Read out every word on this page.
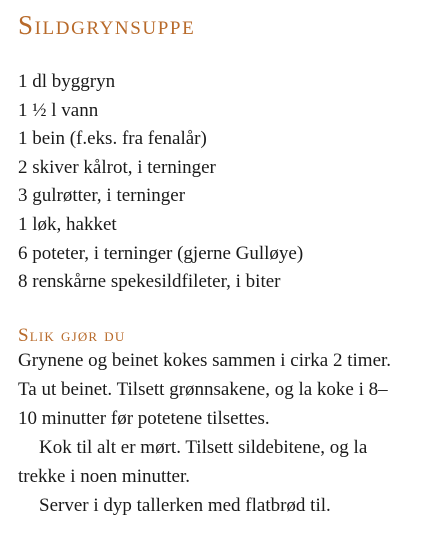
Sildgrynsuppe
1 dl byggryn
1 ½ l vann
1 bein (f.eks. fra fenalår)
2 skiver kålrot, i terninger
3 gulrøtter, i terninger
1 løk, hakket
6 poteter, i terninger (gjerne Gulløye)
8 renskårne spekesildfileter, i biter
Slik gjør du

Grynene og beinet kokes sammen i cirka 2 timer. Ta ut beinet. Tilsett grønnsakene, og la koke i 8–10 minutter før potetene tilsettes.

Kok til alt er mørt. Tilsett sildebitene, og la trekke i noen minutter.

Server i dyp tallerken med flatbrød til.
